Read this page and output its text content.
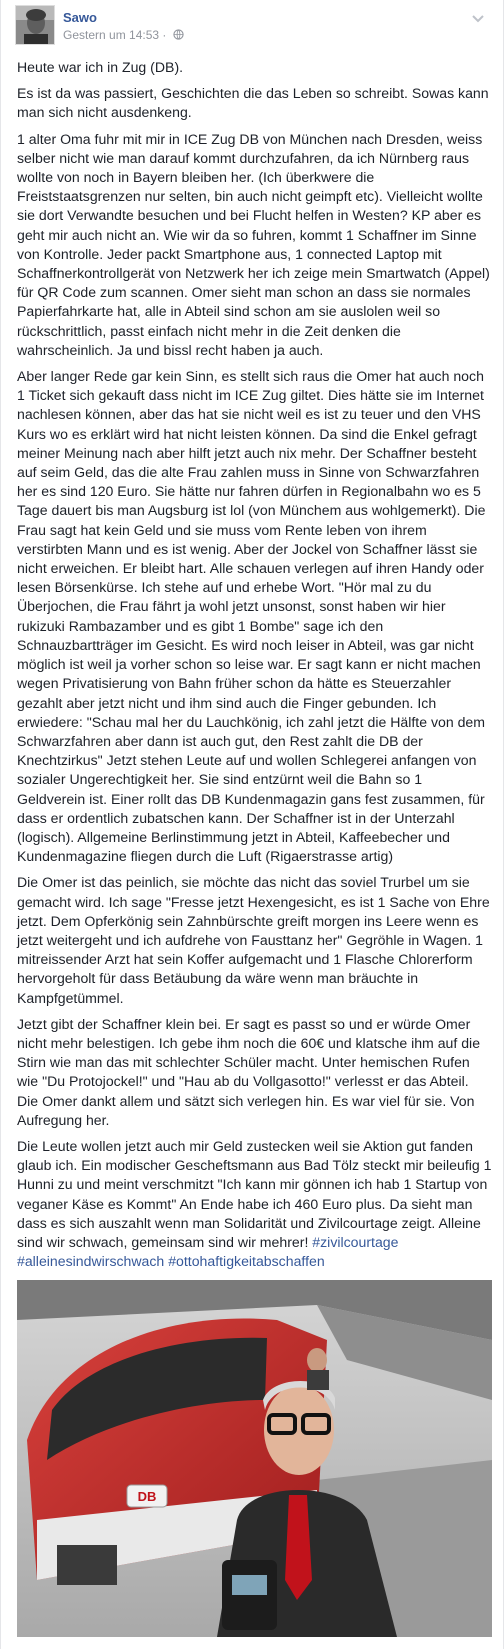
Sawo
Gestern um 14:53 ·

Heute war ich in Zug (DB).

Es ist da was passiert, Geschichten die das Leben so schreibt. Sowas kann man sich nicht ausdenkeng.

1 alter Oma fuhr mit mir in ICE Zug DB von München nach Dresden, weiss selber nicht wie man darauf kommt durchzufahren, da ich Nürnberg raus wollte von noch in Bayern bleiben her. (Ich überkwere die Freiststaatsgrenzen nur selten, bin auch nicht geimpft etc). Vielleicht wollte sie dort Verwandte besuchen und bei Flucht helfen in Westen? KP aber es geht mir auch nicht an. Wie wir da so fuhren, kommt 1 Schaffner im Sinne von Kontrolle. Jeder packt Smartphone aus, 1 connected Laptop mit Schaffnerkontrollgerät von Netzwerk her ich zeige mein Smartwatch (Appel) für QR Code zum scannen. Omer sieht man schon an dass sie normales Papierfahrkarte hat, alle in Abteil sind schon am sie auslolen weil so rückschrittlich, passt einfach nicht mehr in die Zeit denken die wahrscheinlich. Ja und bissl recht haben ja auch.

Aber langer Rede gar kein Sinn, es stellt sich raus die Omer hat auch noch 1 Ticket sich gekauft dass nicht im ICE Zug giltet. Dies hätte sie im Internet nachlesen können, aber das hat sie nicht weil es ist zu teuer und den VHS Kurs wo es erklärt wird hat nicht leisten können. Da sind die Enkel gefragt meiner Meinung nach aber hilft jetzt auch nix mehr. Der Schaffner besteht auf seim Geld, das die alte Frau zahlen muss in Sinne von Schwarzfahren her es sind 120 Euro. Sie hätte nur fahren dürfen in Regionalbahn wo es 5 Tage dauert bis man Augsburg ist lol (von Münchem aus wohlgemerkt). Die Frau sagt hat kein Geld und sie muss vom Rente leben von ihrem verstirbten Mann und es ist wenig. Aber der Jockel von Schaffner lässt sie nicht erweichen. Er bleibt hart. Alle schauen verlegen auf ihren Handy oder lesen Börsenkürse. Ich stehe auf und erhebe Wort. "Hör mal zu du Überjochen, die Frau fährt ja wohl jetzt unsonst, sonst haben wir hier rukizuki Rambazamber und es gibt 1 Bombe" sage ich den Schnauzbartträger im Gesicht. Es wird noch leiser in Abteil, was gar nicht möglich ist weil ja vorher schon so leise war. Er sagt kann er nicht machen wegen Privatisierung von Bahn früher schon da hätte es Steuerzahler gezahlt aber jetzt nicht und ihm sind auch die Finger gebunden. Ich erwiedere: "Schau mal her du Lauchkönig, ich zahl jetzt die Hälfte von dem Schwarzfahren aber dann ist auch gut, den Rest zahlt die DB der Knechtzirkus" Jetzt stehen Leute auf und wollen Schlegerei anfangen von sozialer Ungerechtigkeit her. Sie sind entzürnt weil die Bahn so 1 Geldverein ist. Einer rollt das DB Kundenmagazin gans fest zusammen, für dass er ordentlich zubatschen kann. Der Schaffner ist in der Unterzahl (logisch). Allgemeine Berlinstimmung jetzt in Abteil, Kaffeebecher und Kundenmagazine fliegen durch die Luft (Rigaerstrasse artig)

Die Omer ist das peinlich, sie möchte das nicht das soviel Trurbel um sie gemacht wird. Ich sage "Fresse jetzt Hexengesicht, es ist 1 Sache von Ehre jetzt. Dem Opferkönig sein Zahnbürschte greift morgen ins Leere wenn es jetzt weitergeht und ich aufdrehe von Fausttanz her" Gegröhle in Wagen. 1 mitreissender Arzt hat sein Koffer aufgemacht und 1 Flasche Chlorerform hervorgeholt für dass Betäubung da wäre wenn man bräuchte in Kampfgetümmel.

Jetzt gibt der Schaffner klein bei. Er sagt es passt so und er würde Omer nicht mehr belestigen. Ich gebe ihm noch die 60€ und klatsche ihm auf die Stirn wie man das mit schlechter Schüler macht. Unter hemischen Rufen wie "Du Protojockel!" und "Hau ab du Vollgasotto!" verlesst er das Abteil. Die Omer dankt allem und sätzt sich verlegen hin. Es war viel für sie. Von Aufregung her.

Die Leute wollen jetzt auch mir Geld zustecken weil sie Aktion gut fanden glaub ich. Ein modischer Gescheftsmann aus Bad Tölz steckt mir beileufig 1 Hunni zu und meint verschmitzt "Ich kann mir gönnen ich hab 1 Startup von veganer Käse es Kommt" An Ende habe ich 460 Euro plus. Da sieht man dass es sich auszahlt wenn man Solidarität und Zivilcourtage zeigt. Alleine sind wir schwach, gemeinsam sind wir mehrer! #zivilcourtage #alleinesindwirschwach #ottohaftigkeitabschaffen

DB
